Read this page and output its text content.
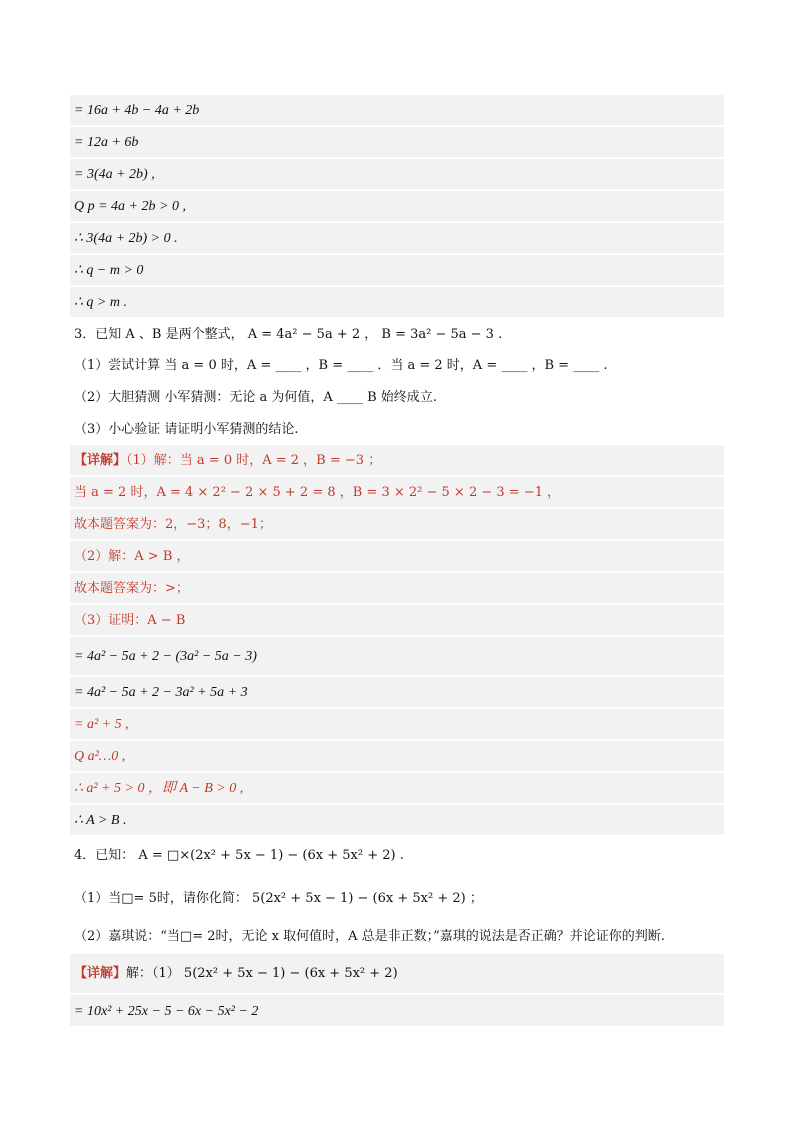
= 16a + 4b − 4a + 2b
= 12a + 6b
= 3(4a + 2b) ,
Q p = 4a + 2b > 0 ,
∴ 3(4a + 2b) > 0 .
∴ q − m > 0
∴ q > m .
3．已知 A 、B 是两个整式， A = 4a² − 5a + 2 ， B = 3a² − 5a − 3 .
（1）尝试计算 当 a = 0 时，A = ____ ，B = ____ ．当 a = 2 时，A = ____ ，B = ____ .
（2）大胆猜测 小军猜测：无论 a 为何值，A ____ B 始终成立.
（3）小心验证 请证明小军猜测的结论.
【详解】（1）解：当 a = 0 时，A = 2 ，B = −3 ；
当 a = 2 时，A = 4 × 2² − 2 × 5 + 2 = 8 ，B = 3 × 2² − 5 × 2 − 3 = −1 ，
故本题答案为：2，−3；8，−1；
（2）解：A > B ，
故本题答案为：>；
（3）证明：A − B
= 4a² − 5a + 2 − (3a² − 5a − 3)
= 4a² − 5a + 2 − 3a² + 5a + 3
= a² + 5 ,
Q a²…0 ,
∴ a² + 5 > 0 ，即 A − B > 0 ,
∴ A > B .
4．已知： A = □×(2x² + 5x − 1) − (6x + 5x² + 2) .
（1）当□= 5时，请你化简： 5(2x² + 5x − 1) − (6x + 5x² + 2) ；
（2）嘉琪说：“当□= 2时，无论 x 取何值时，A 总是非正数；”嘉琪的说法是否正确？并论证你的判断.
【详解】解：（1） 5(2x² + 5x − 1) − (6x + 5x² + 2)
= 10x² + 25x − 5 − 6x − 5x² − 2
